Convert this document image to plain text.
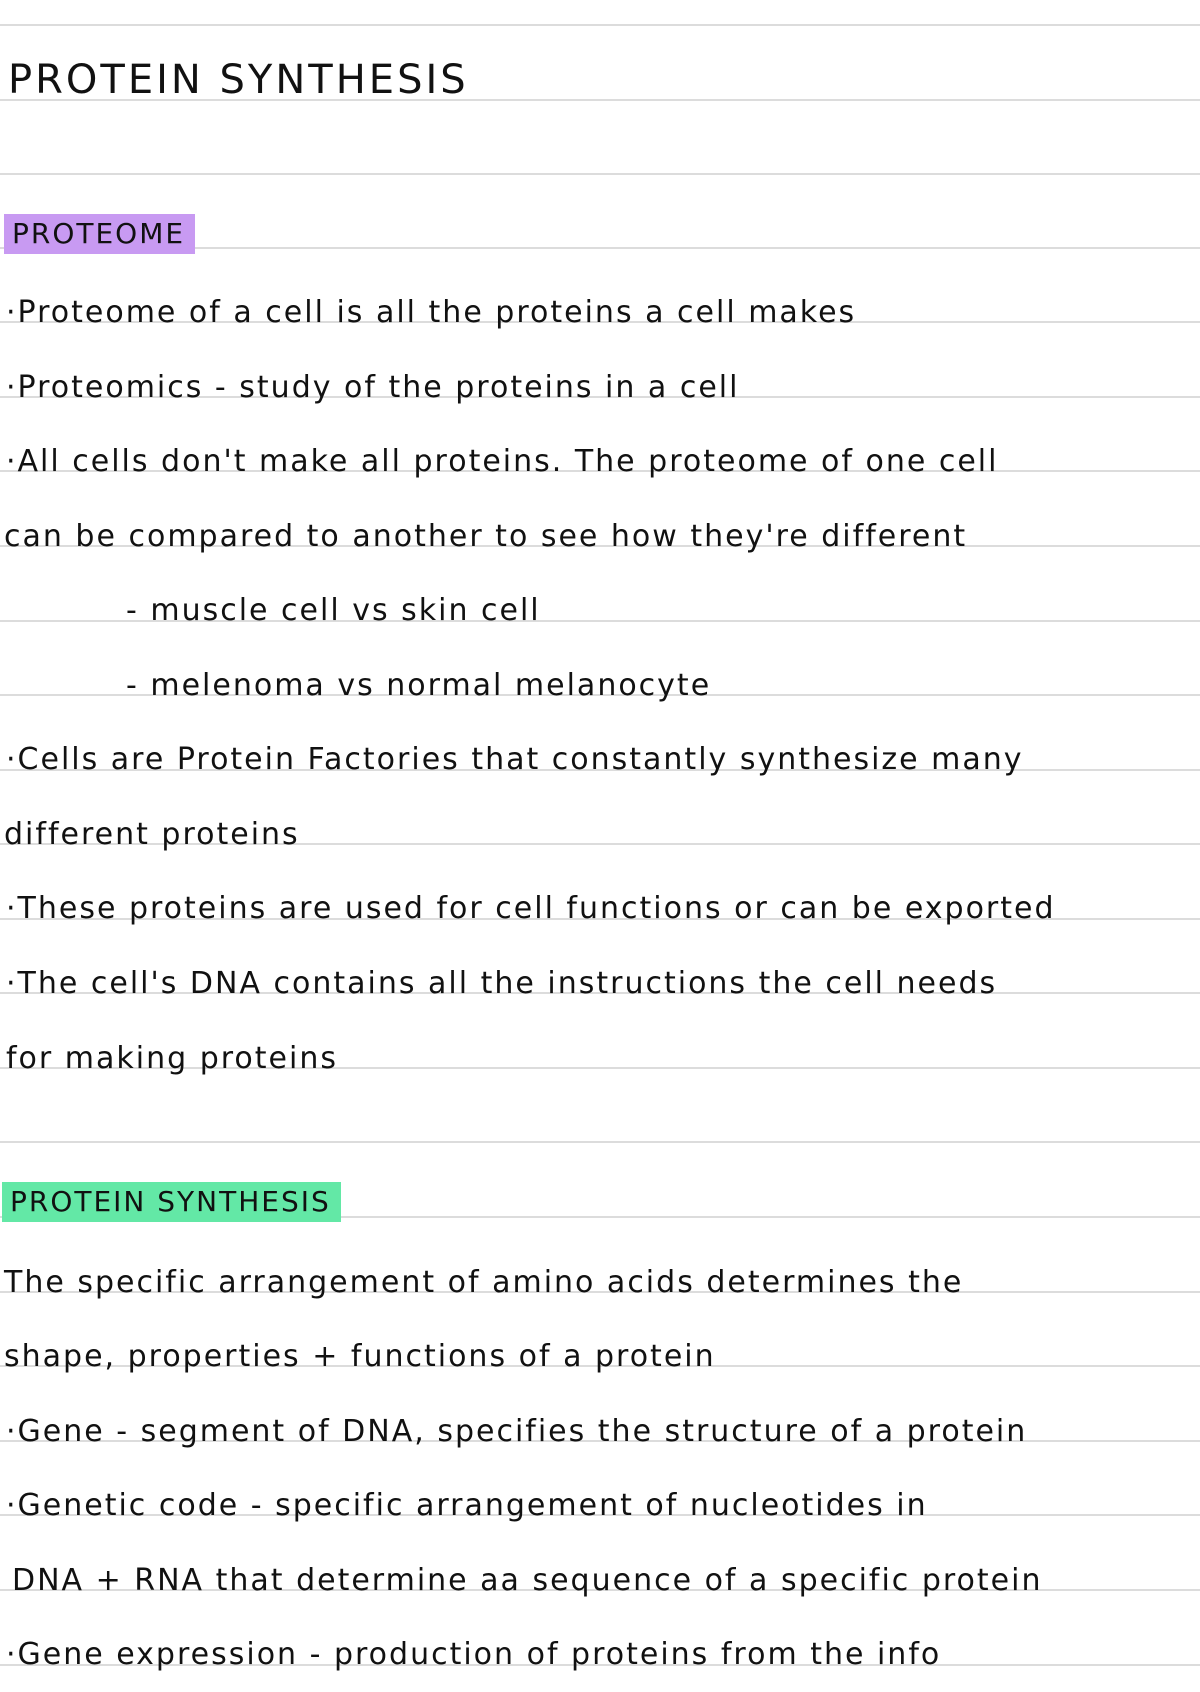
PROTEIN SYNTHESIS
PROTEOME
·Proteome of a cell is all the proteins a cell makes
·Proteomics - study of the proteins in a cell
·All cells don't make all proteins. The proteome of one cell
can be compared to another to see how they're different
- muscle cell vs skin cell
- melenoma vs normal melanocyte
·Cells are Protein Factories that constantly synthesize many
different proteins
·These proteins are used for cell functions or can be exported
·The cell's DNA contains all the instructions the cell needs
for making proteins
PROTEIN SYNTHESIS
The specific arrangement of amino acids determines the
shape, properties + functions of a protein
·Gene - segment of DNA, specifies the structure of a protein
·Genetic code - specific arrangement of nucleotides in
DNA + RNA that determine aa sequence of a specific protein
·Gene expression - production of proteins from the info
